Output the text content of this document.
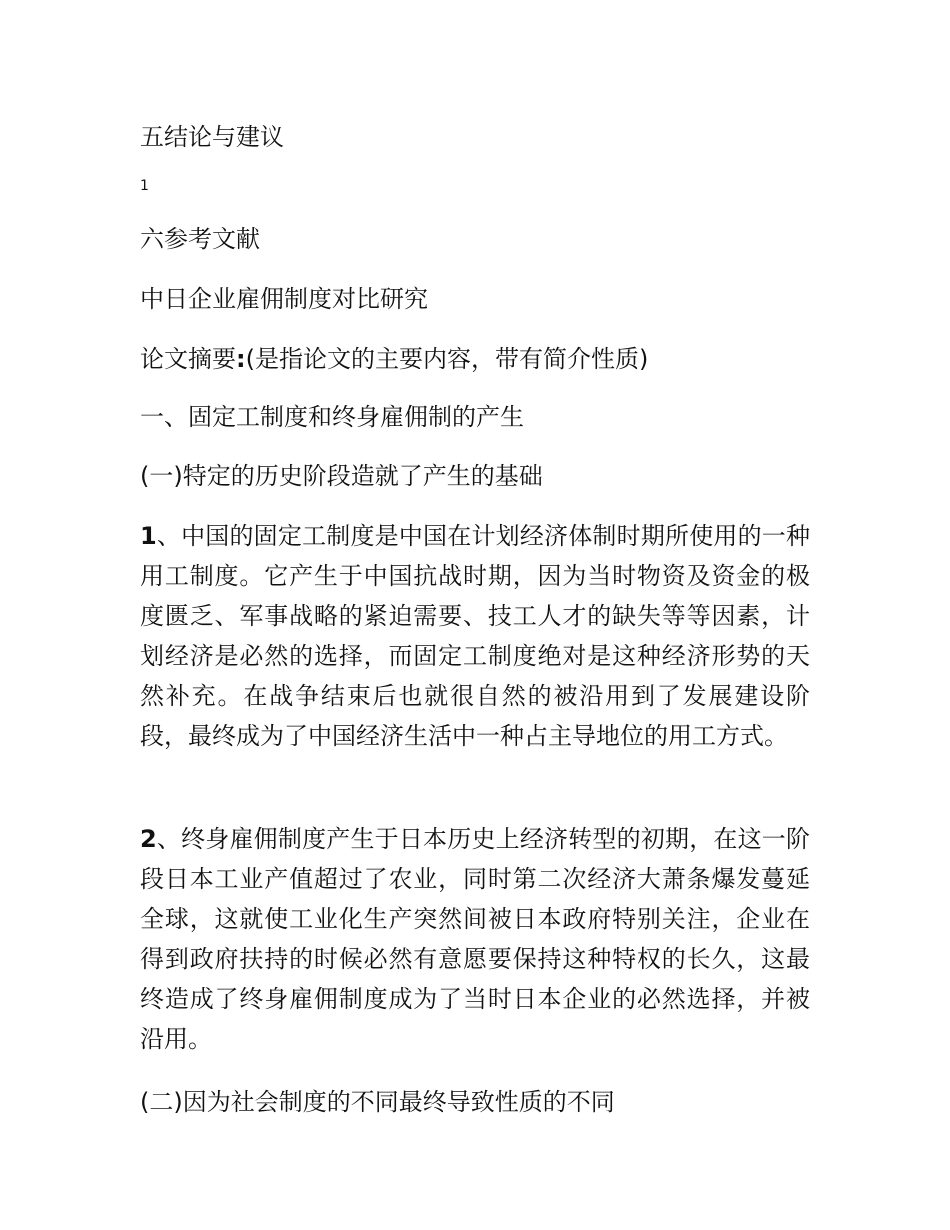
五结论与建议
1
六参考文献
中日企业雇佣制度对比研究
论文摘要:(是指论文的主要内容，带有简介性质)
一、固定工制度和终身雇佣制的产生
(一)特定的历史阶段造就了产生的基础

1、中国的固定工制度是中国在计划经济体制时期所使用的一种用工制度。它产生于中国抗战时期，因为当时物资及资金的极度匮乏、军事战略的紧迫需要、技工人才的缺失等等因素，计划经济是必然的选择，而固定工制度绝对是这种经济形势的天然补充。在战争结束后也就很自然的被沿用到了发展建设阶段，最终成为了中国经济生活中一种占主导地位的用工方式。

2、终身雇佣制度产生于日本历史上经济转型的初期，在这一阶段日本工业产值超过了农业，同时第二次经济大萧条爆发蔓延全球，这就使工业化生产突然间被日本政府特别关注，企业在得到政府扶持的时候必然有意愿要保持这种特权的长久，这最终造成了终身雇佣制度成为了当时日本企业的必然选择，并被沿用。

(二)因为社会制度的不同最终导致性质的不同
